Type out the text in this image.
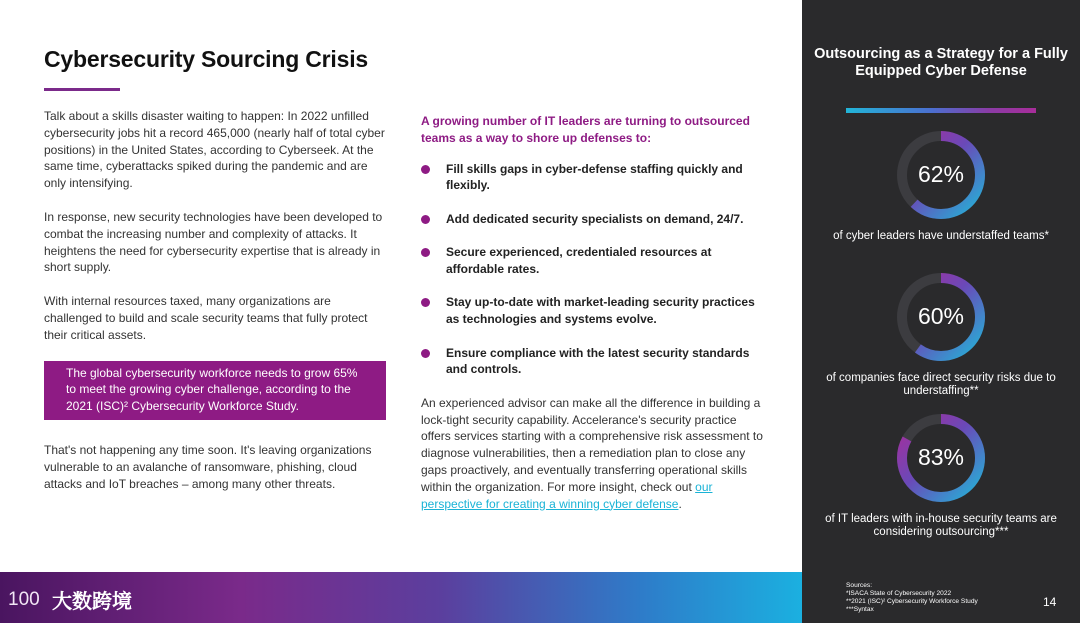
Cybersecurity Sourcing Crisis

Talk about a skills disaster waiting to happen: In 2022 unfilled cybersecurity jobs hit a record 465,000 (nearly half of total cyber positions) in the United States, according to Cyberseek. At the same time, cyberattacks spiked during the pandemic and are only intensifying.

In response, new security technologies have been developed to combat the increasing number and complexity of attacks. It heightens the need for cybersecurity expertise that is already in short supply.

With internal resources taxed, many organizations are challenged to build and scale security teams that fully protect their critical assets.

The global cybersecurity workforce needs to grow 65% to meet the growing cyber challenge, according to the 2021 (ISC)² Cybersecurity Workforce Study.

That's not happening any time soon. It's leaving organizations vulnerable to an avalanche of ransomware, phishing, cloud attacks and IoT breaches – among many other threats.

A growing number of IT leaders are turning to outsourced teams as a way to shore up defenses to:

Fill skills gaps in cyber-defense staffing quickly and flexibly.
Add dedicated security specialists on demand, 24/7.
Secure experienced, credentialed resources at affordable rates.
Stay up-to-date with market-leading security practices as technologies and systems evolve.
Ensure compliance with the latest security standards and controls.

An experienced advisor can make all the difference in building a lock-tight security capability. Accelerance's security practice offers services starting with a comprehensive risk assessment to diagnose vulnerabilities, then a remediation plan to close any gaps proactively, and eventually transferring operational skills within the organization. For more insight, check out our perspective for creating a winning cyber defense.

100 大数跨境
Outsourcing as a Strategy for a Fully Equipped Cyber Defense
62%
of cyber leaders have understaffed teams*
60%
of companies face direct security risks due to understaffing**
83%
of IT leaders with in-house security teams are considering outsourcing***
Sources:
*ISACA State of Cybersecurity 2022
**2021 (ISC)² Cybersecurity Workforce Study
***Syntax
14
